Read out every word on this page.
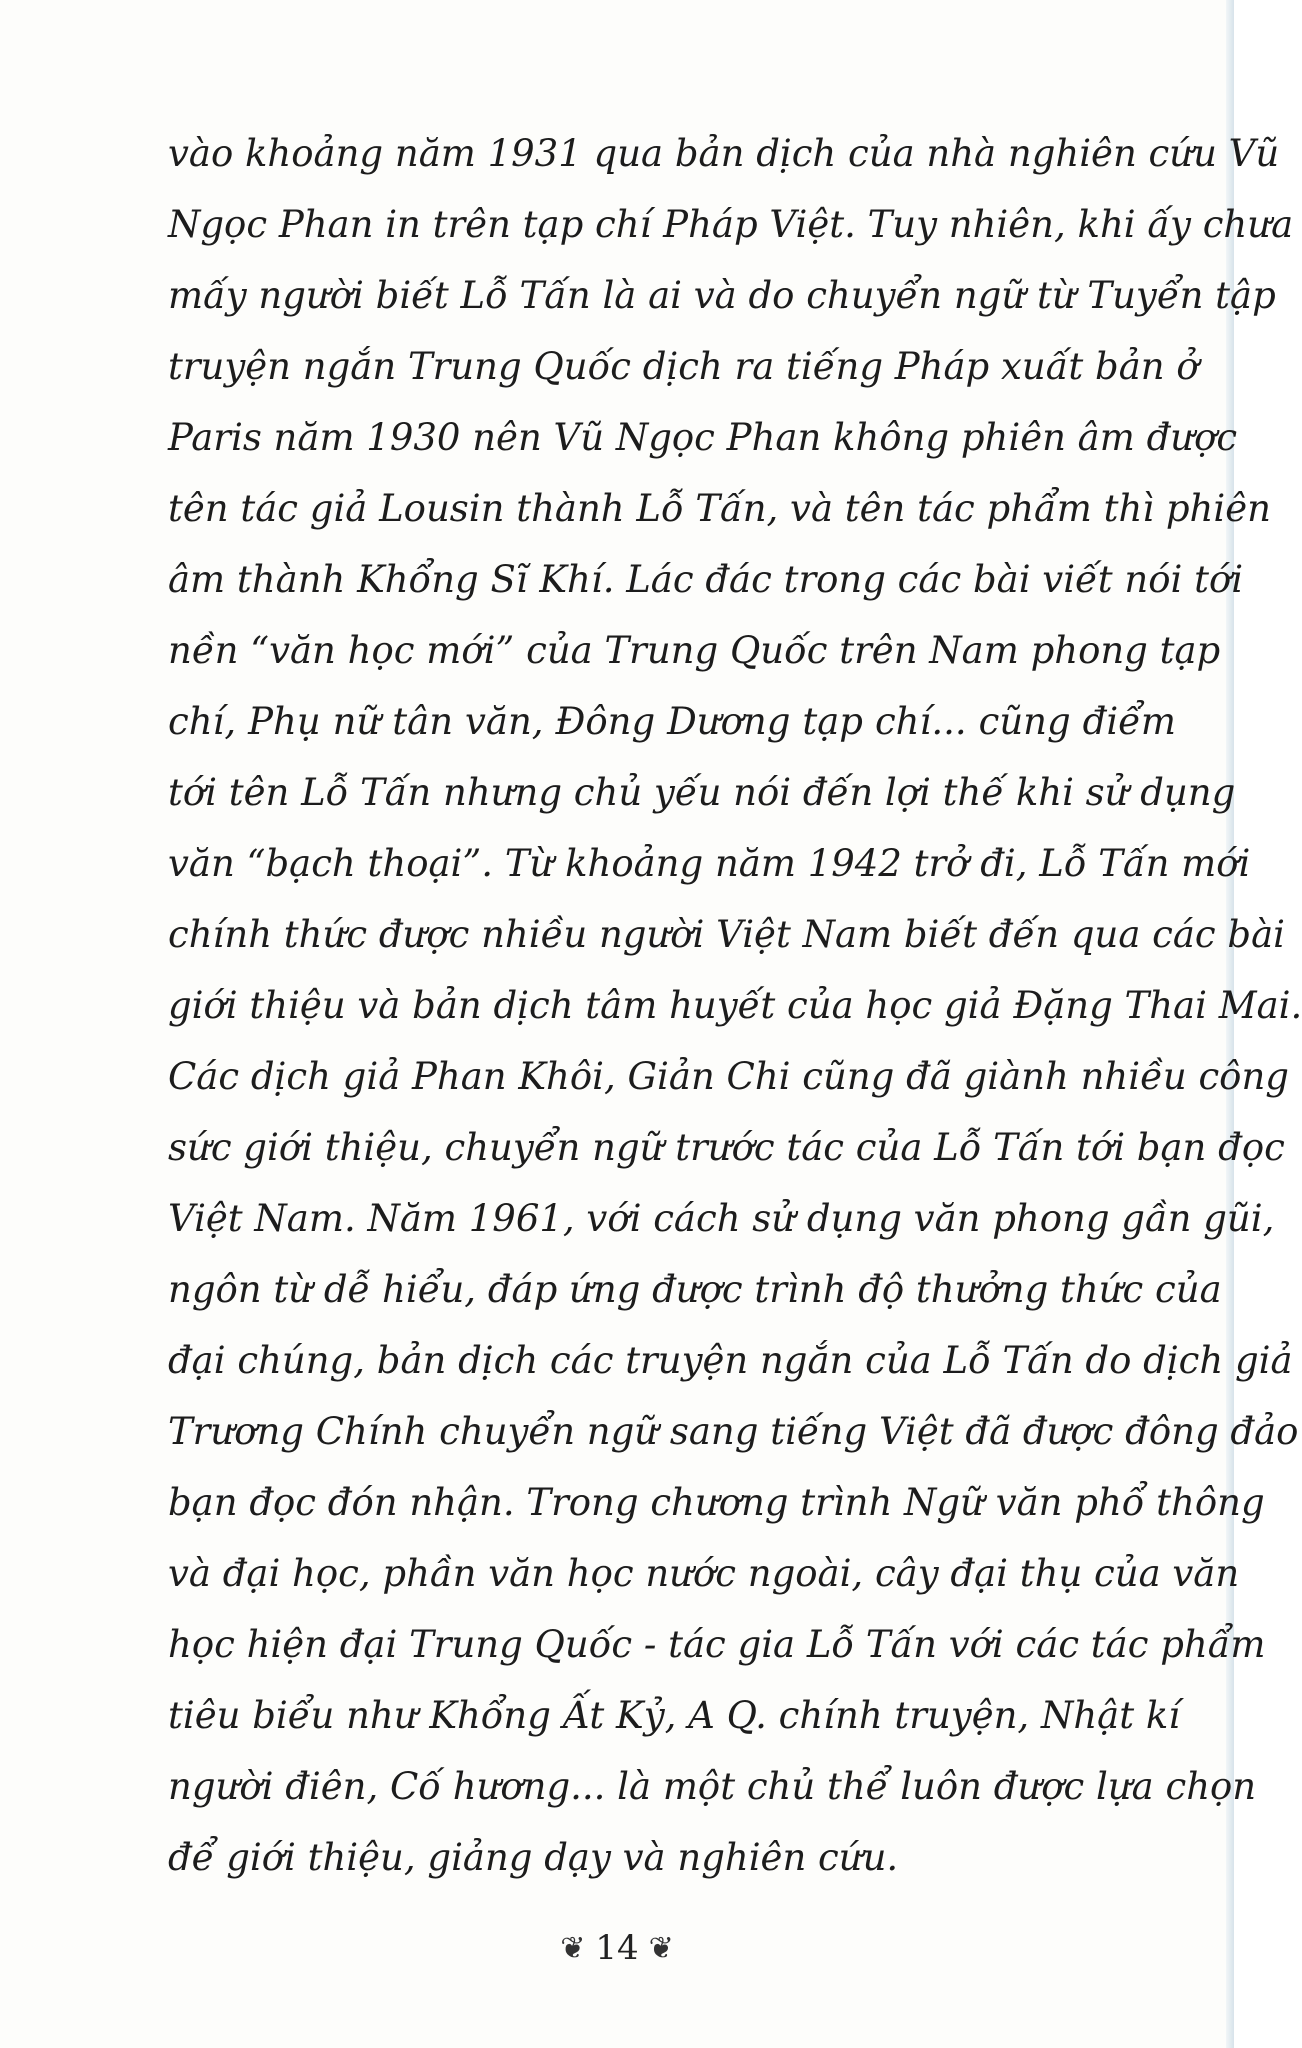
vào khoảng năm 1931 qua bản dịch của nhà nghiên cứu Vũ
Ngọc Phan in trên tạp chí Pháp Việt. Tuy nhiên, khi ấy chưa
mấy người biết Lỗ Tấn là ai và do chuyển ngữ từ Tuyển tập
truyện ngắn Trung Quốc dịch ra tiếng Pháp xuất bản ở
Paris năm 1930 nên Vũ Ngọc Phan không phiên âm được
tên tác giả Lousin thành Lỗ Tấn, và tên tác phẩm thì phiên
âm thành Khổng Sĩ Khí. Lác đác trong các bài viết nói tới
nền “văn học mới” của Trung Quốc trên Nam phong tạp
chí, Phụ nữ tân văn, Đông Dương tạp chí... cũng điểm
tới tên Lỗ Tấn nhưng chủ yếu nói đến lợi thế khi sử dụng
văn “bạch thoại”. Từ khoảng năm 1942 trở đi, Lỗ Tấn mới
chính thức được nhiều người Việt Nam biết đến qua các bài
giới thiệu và bản dịch tâm huyết của học giả Đặng Thai Mai.
Các dịch giả Phan Khôi, Giản Chi cũng đã giành nhiều công
sức giới thiệu, chuyển ngữ trước tác của Lỗ Tấn tới bạn đọc
Việt Nam. Năm 1961, với cách sử dụng văn phong gần gũi,
ngôn từ dễ hiểu, đáp ứng được trình độ thưởng thức của
đại chúng, bản dịch các truyện ngắn của Lỗ Tấn do dịch giả
Trương Chính chuyển ngữ sang tiếng Việt đã được đông đảo
bạn đọc đón nhận. Trong chương trình Ngữ văn phổ thông
và đại học, phần văn học nước ngoài, cây đại thụ của văn
học hiện đại Trung Quốc - tác gia Lỗ Tấn với các tác phẩm
tiêu biểu như Khổng Ất Kỷ, A Q. chính truyện, Nhật kí
người điên, Cố hương... là một chủ thể luôn được lựa chọn
để giới thiệu, giảng dạy và nghiên cứu.
❦ 14 ❦
